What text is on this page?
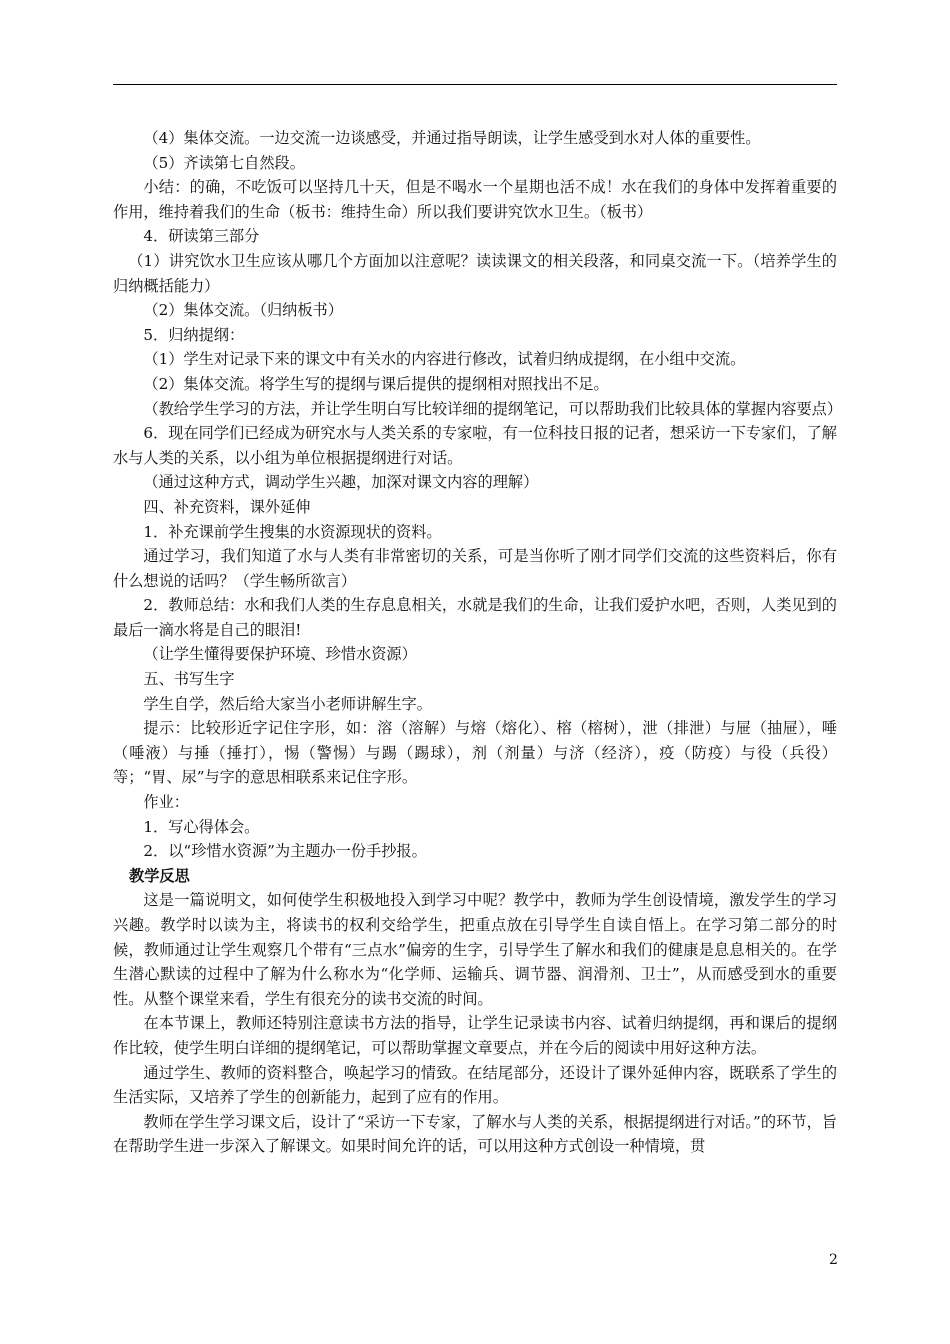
（4）集体交流。一边交流一边谈感受，并通过指导朗读，让学生感受到水对人体的重要性。

（5）齐读第七自然段。

小结：的确，不吃饭可以坚持几十天，但是不喝水一个星期也活不成！水在我们的身体中发挥着重要的作用，维持着我们的生命（板书：维持生命）所以我们要讲究饮水卫生。（板书）

4．研读第三部分

（1）讲究饮水卫生应该从哪几个方面加以注意呢？读读课文的相关段落，和同桌交流一下。（培养学生的归纳概括能力）

（2）集体交流。（归纳板书）

5．归纳提纲：

（1）学生对记录下来的课文中有关水的内容进行修改，试着归纳成提纲，在小组中交流。

（2）集体交流。将学生写的提纲与课后提供的提纲相对照找出不足。

（教给学生学习的方法，并让学生明白写比较详细的提纲笔记，可以帮助我们比较具体的掌握内容要点）

6．现在同学们已经成为研究水与人类关系的专家啦，有一位科技日报的记者，想采访一下专家们，了解水与人类的关系，以小组为单位根据提纲进行对话。

（通过这种方式，调动学生兴趣，加深对课文内容的理解）

四、补充资料，课外延伸

1．补充课前学生搜集的水资源现状的资料。

通过学习，我们知道了水与人类有非常密切的关系，可是当你听了刚才同学们交流的这些资料后，你有什么想说的话吗？（学生畅所欲言）

2．教师总结：水和我们人类的生存息息相关，水就是我们的生命，让我们爱护水吧，否则，人类见到的最后一滴水将是自己的眼泪!

（让学生懂得要保护环境、珍惜水资源）

五、书写生字

学生自学，然后给大家当小老师讲解生字。

提示：比较形近字记住字形，如：溶（溶解）与熔（熔化）、榕（榕树），泄（排泄）与屉（抽屉），唾（唾液）与捶（捶打），惕（警惕）与踢（踢球），剂（剂量）与济（经济），疫（防疫）与役（兵役）等；“胃、尿”与字的意思相联系来记住字形。

作业：

1．写心得体会。

2．以“珍惜水资源”为主题办一份手抄报。

教学反思

这是一篇说明文，如何使学生积极地投入到学习中呢？教学中，教师为学生创设情境，激发学生的学习兴趣。教学时以读为主，将读书的权利交给学生，把重点放在引导学生自读自悟上。在学习第二部分的时候，教师通过让学生观察几个带有“三点水”偏旁的生字，引导学生了解水和我们的健康是息息相关的。在学生潜心默读的过程中了解为什么称水为“化学师、运输兵、调节器、润滑剂、卫士”，从而感受到水的重要性。从整个课堂来看，学生有很充分的读书交流的时间。

在本节课上，教师还特别注意读书方法的指导，让学生记录读书内容、试着归纳提纲，再和课后的提纲作比较，使学生明白详细的提纲笔记，可以帮助掌握文章要点，并在今后的阅读中用好这种方法。

通过学生、教师的资料整合，唤起学习的情致。在结尾部分，还设计了课外延伸内容，既联系了学生的生活实际，又培养了学生的创新能力，起到了应有的作用。

教师在学生学习课文后，设计了“采访一下专家，了解水与人类的关系，根据提纲进行对话。”的环节，旨在帮助学生进一步深入了解课文。如果时间允许的话，可以用这种方式创设一种情境，贯

2
